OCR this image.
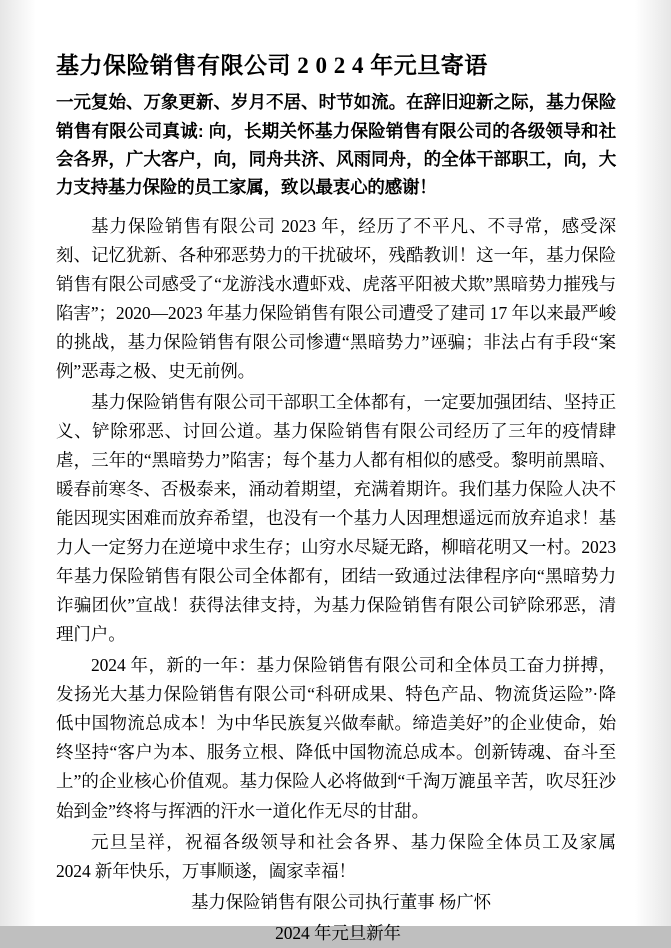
基力保险销售有限公司 2 0 2 4 年元旦寄语

一元复始、万象更新、岁月不居、时节如流。在辞旧迎新之际，基力保险销售有限公司真诚: 向，长期关怀基力保险销售有限公司的各级领导和社会各界，广大客户，向，同舟共济、风雨同舟，的全体干部职工，向，大力支持基力保险的员工家属，致以最衷心的感谢！

基力保险销售有限公司 2023 年，经历了不平凡、不寻常，感受深刻、记忆犹新、各种邪恶势力的干扰破坏，残酷教训！这一年，基力保险销售有限公司感受了“龙游浅水遭虾戏、虎落平阳被犬欺”黑暗势力摧残与陷害”；2020—2023 年基力保险销售有限公司遭受了建司 17 年以来最严峻的挑战，基力保险销售有限公司惨遭“黑暗势力”诬骗；非法占有手段“案例”恶毒之极、史无前例。

基力保险销售有限公司干部职工全体都有，一定要加强团结、坚持正义、铲除邪恶、讨回公道。基力保险销售有限公司经历了三年的疫情肆虐，三年的“黑暗势力”陷害；每个基力人都有相似的感受。黎明前黑暗、暖春前寒冬、否极泰来，涌动着期望，充满着期许。我们基力保险人决不能因现实困难而放弃希望，也没有一个基力人因理想遥远而放弃追求！基力人一定努力在逆境中求生存；山穷水尽疑无路，柳暗花明又一村。2023 年基力保险销售有限公司全体都有，团结一致通过法律程序向“黑暗势力诈骗团伙”宣战！获得法律支持，为基力保险销售有限公司铲除邪恶，清理门户。

2024 年，新的一年：基力保险销售有限公司和全体员工奋力拼搏，发扬光大基力保险销售有限公司“科研成果、特色产品、物流货运险”·降低中国物流总成本！为中华民族复兴做奉献。缔造美好”的企业使命，始终坚持“客户为本、服务立根、降低中国物流总成本。创新铸魂、奋斗至上”的企业核心价值观。基力保险人必将做到“千淘万漉虽辛苦，吹尽狂沙始到金”终将与挥洒的汗水一道化作无尽的甘甜。

元旦呈祥，祝福各级领导和社会各界、基力保险全体员工及家属 2024 新年快乐，万事顺遂，阖家幸福！

基力保险销售有限公司执行董事 杨广怀
2024 年元旦新年
